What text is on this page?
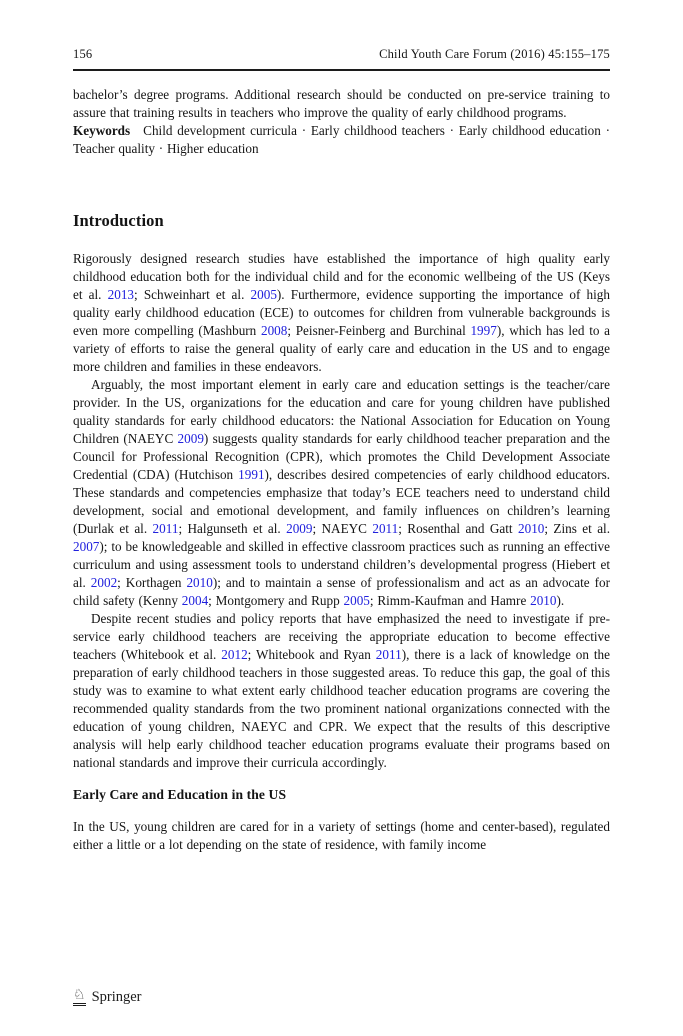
156	Child Youth Care Forum (2016) 45:155–175

bachelor’s degree programs. Additional research should be conducted on pre-service training to assure that training results in teachers who improve the quality of early childhood programs.

Keywords Child development curricula · Early childhood teachers · Early childhood education · Teacher quality · Higher education

Introduction

Rigorously designed research studies have established the importance of high quality early childhood education both for the individual child and for the economic wellbeing of the US (Keys et al. 2013; Schweinhart et al. 2005). Furthermore, evidence supporting the importance of high quality early childhood education (ECE) to outcomes for children from vulnerable backgrounds is even more compelling (Mashburn 2008; Peisner-Feinberg and Burchinal 1997), which has led to a variety of efforts to raise the general quality of early care and education in the US and to engage more children and families in these endeavors.

Arguably, the most important element in early care and education settings is the teacher/care provider. In the US, organizations for the education and care for young children have published quality standards for early childhood educators: the National Association for Education on Young Children (NAEYC 2009) suggests quality standards for early childhood teacher preparation and the Council for Professional Recognition (CPR), which promotes the Child Development Associate Credential (CDA) (Hutchison 1991), describes desired competencies of early childhood educators. These standards and competencies emphasize that today’s ECE teachers need to understand child development, social and emotional development, and family influences on children’s learning (Durlak et al. 2011; Halgunseth et al. 2009; NAEYC 2011; Rosenthal and Gatt 2010; Zins et al. 2007); to be knowledgeable and skilled in effective classroom practices such as running an effective curriculum and using assessment tools to understand children’s developmental progress (Hiebert et al. 2002; Korthagen 2010); and to maintain a sense of professionalism and act as an advocate for child safety (Kenny 2004; Montgomery and Rupp 2005; Rimm-Kaufman and Hamre 2010).

Despite recent studies and policy reports that have emphasized the need to investigate if pre-service early childhood teachers are receiving the appropriate education to become effective teachers (Whitebook et al. 2012; Whitebook and Ryan 2011), there is a lack of knowledge on the preparation of early childhood teachers in those suggested areas. To reduce this gap, the goal of this study was to examine to what extent early childhood teacher education programs are covering the recommended quality standards from the two prominent national organizations connected with the education of young children, NAEYC and CPR. We expect that the results of this descriptive analysis will help early childhood teacher education programs evaluate their programs based on national standards and improve their curricula accordingly.

Early Care and Education in the US

In the US, young children are cared for in a variety of settings (home and center-based), regulated either a little or a lot depending on the state of residence, with family income

♘ Springer
